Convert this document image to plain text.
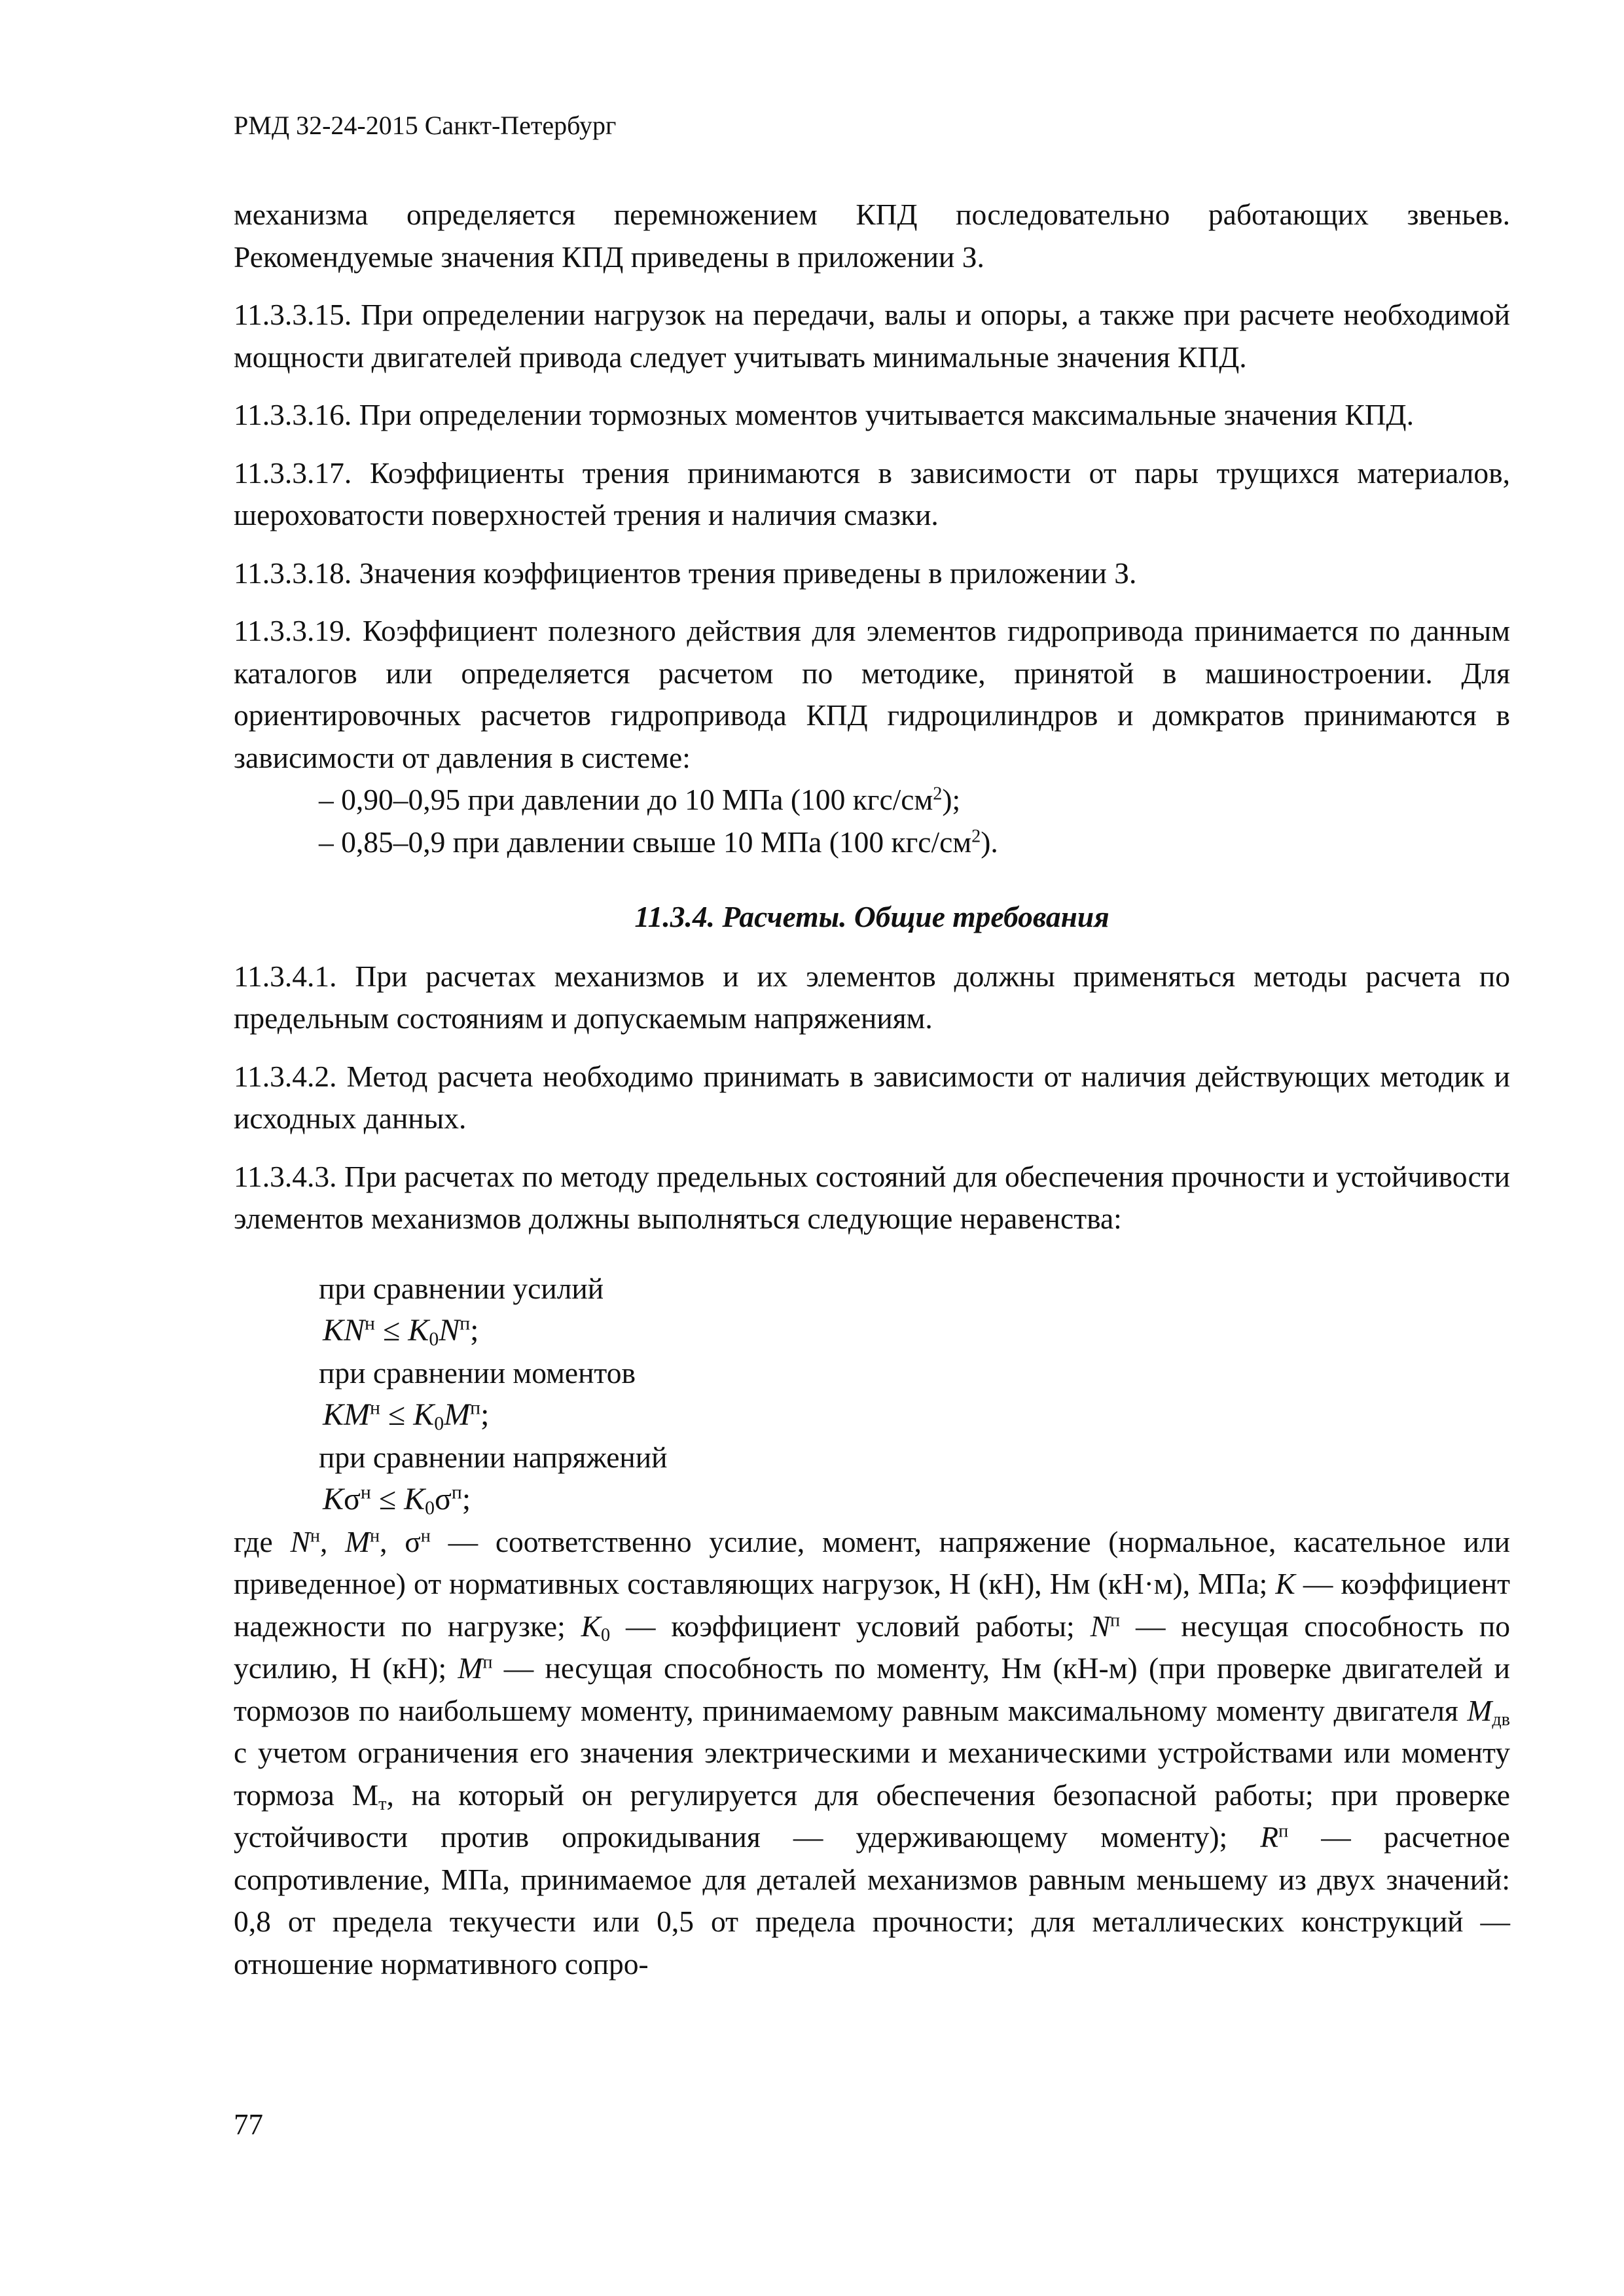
РМД 32-24-2015 Санкт-Петербург

механизма определяется перемножением КПД последовательно работающих звеньев. Рекомендуемые значения КПД приведены в приложении З.

11.3.3.15. При определении нагрузок на передачи, валы и опоры, а также при расчете необходимой мощности двигателей привода следует учитывать минимальные значения КПД.

11.3.3.16. При определении тормозных моментов учитывается максимальные значения КПД.

11.3.3.17. Коэффициенты трения принимаются в зависимости от пары трущихся материалов, шероховатости поверхностей трения и наличия смазки.

11.3.3.18. Значения коэффициентов трения приведены в приложении З.

11.3.3.19. Коэффициент полезного действия для элементов гидропривода принимается по данным каталогов или определяется расчетом по методике, принятой в машиностроении. Для ориентировочных расчетов гидропривода КПД гидроцилиндров и домкратов принимаются в зависимости от давления в системе:

– 0,90–0,95 при давлении до 10 МПа (100 кгс/$см^2$);

– 0,85–0,9 при давлении свыше 10 МПа (100 кгс/$см^2$).

11.3.4. Расчеты. Общие требования

11.3.4.1. При расчетах механизмов и их элементов должны применяться методы расчета по предельным состояниям и допускаемым напряжениям.

11.3.4.2. Метод расчета необходимо принимать в зависимости от наличия действующих методик и исходных данных.

11.3.4.3. При расчетах по методу предельных состояний для обеспечения прочности и устойчивости элементов механизмов должны выполняться следующие неравенства:

при сравнении усилий
$KN^н \le K_0N^п$;
при сравнении моментов
$KM^н \le K_0M^п$;
при сравнении напряжений
$K\sigma^н \le K_0\sigma^п$;

где $N^н$, $M^н$, $\sigma^н$ — соответственно усилие, момент, напряжение (нормальное, касательное или приведенное) от нормативных составляющих нагрузок, Н (кН), Нм (кН·м), МПа; K — коэффициент надежности по нагрузке; $K_0$ — коэффициент условий работы; $N^п$ — несущая способность по усилию, Н (кН); $M^п$ — несущая способность по моменту, Нм (кН-м) (при проверке двигателей и тормозов по наибольшему моменту, принимаемому равным максимальному моменту двигателя $M_{дв}$ с учетом ограничения его значения электрическими и механическими устройствами или моменту тормоза $М_т$, на который он регулируется для обеспечения безопасной работы; при проверке устойчивости против опрокидывания — удерживающему моменту); $R^п$ — расчетное сопротивление, МПа, принимаемое для деталей механизмов равным меньшему из двух значений: 0,8 от предела текучести или 0,5 от предела прочности; для металлических конструкций — отношение нормативного сопро-

77
